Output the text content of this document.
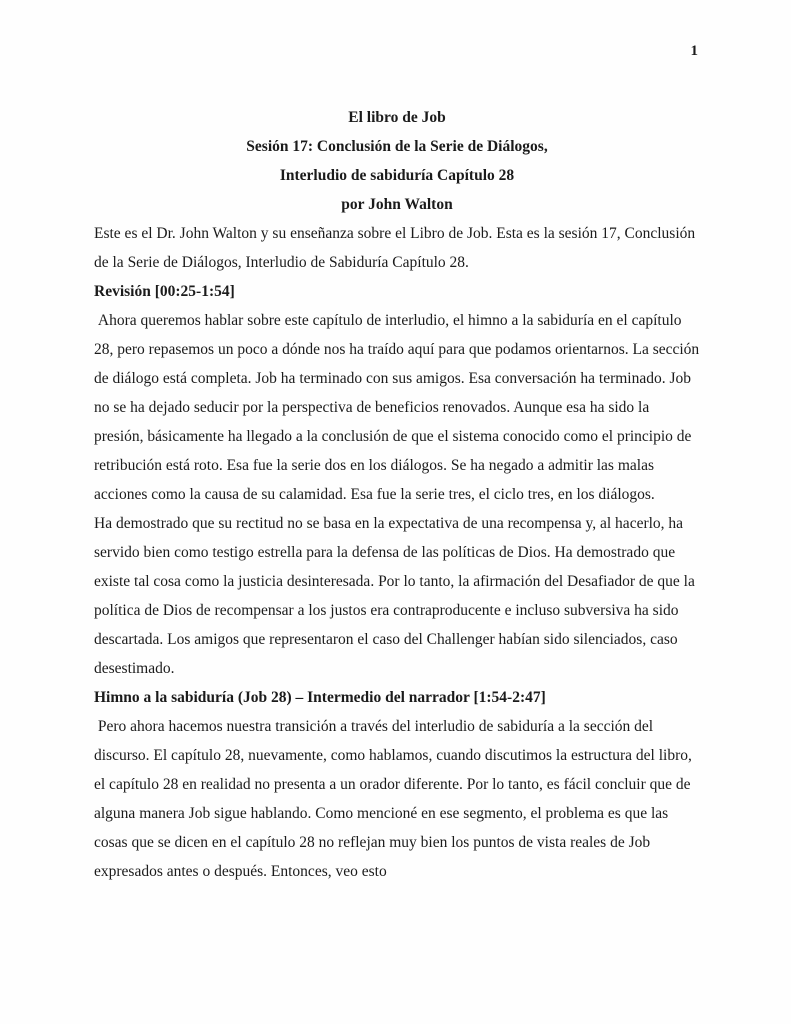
1

El libro de Job

Sesión 17: Conclusión de la Serie de Diálogos,

Interludio de sabiduría Capítulo 28

por John Walton

Este es el Dr. John Walton y su enseñanza sobre el Libro de Job. Esta es la sesión 17, Conclusión de la Serie de Diálogos, Interludio de Sabiduría Capítulo 28.

Revisión [00:25-1:54]

Ahora queremos hablar sobre este capítulo de interludio, el himno a la sabiduría en el capítulo 28, pero repasemos un poco a dónde nos ha traído aquí para que podamos orientarnos. La sección de diálogo está completa. Job ha terminado con sus amigos. Esa conversación ha terminado. Job no se ha dejado seducir por la perspectiva de beneficios renovados. Aunque esa ha sido la presión, básicamente ha llegado a la conclusión de que el sistema conocido como el principio de retribución está roto. Esa fue la serie dos en los diálogos. Se ha negado a admitir las malas acciones como la causa de su calamidad. Esa fue la serie tres, el ciclo tres, en los diálogos.

Ha demostrado que su rectitud no se basa en la expectativa de una recompensa y, al hacerlo, ha servido bien como testigo estrella para la defensa de las políticas de Dios. Ha demostrado que existe tal cosa como la justicia desinteresada. Por lo tanto, la afirmación del Desafiador de que la política de Dios de recompensar a los justos era contraproducente e incluso subversiva ha sido descartada. Los amigos que representaron el caso del Challenger habían sido silenciados, caso desestimado.

Himno a la sabiduría (Job 28) – Intermedio del narrador [1:54-2:47]

Pero ahora hacemos nuestra transición a través del interludio de sabiduría a la sección del discurso. El capítulo 28, nuevamente, como hablamos, cuando discutimos la estructura del libro, el capítulo 28 en realidad no presenta a un orador diferente. Por lo tanto, es fácil concluir que de alguna manera Job sigue hablando. Como mencioné en ese segmento, el problema es que las cosas que se dicen en el capítulo 28 no reflejan muy bien los puntos de vista reales de Job expresados antes o después. Entonces, veo esto
